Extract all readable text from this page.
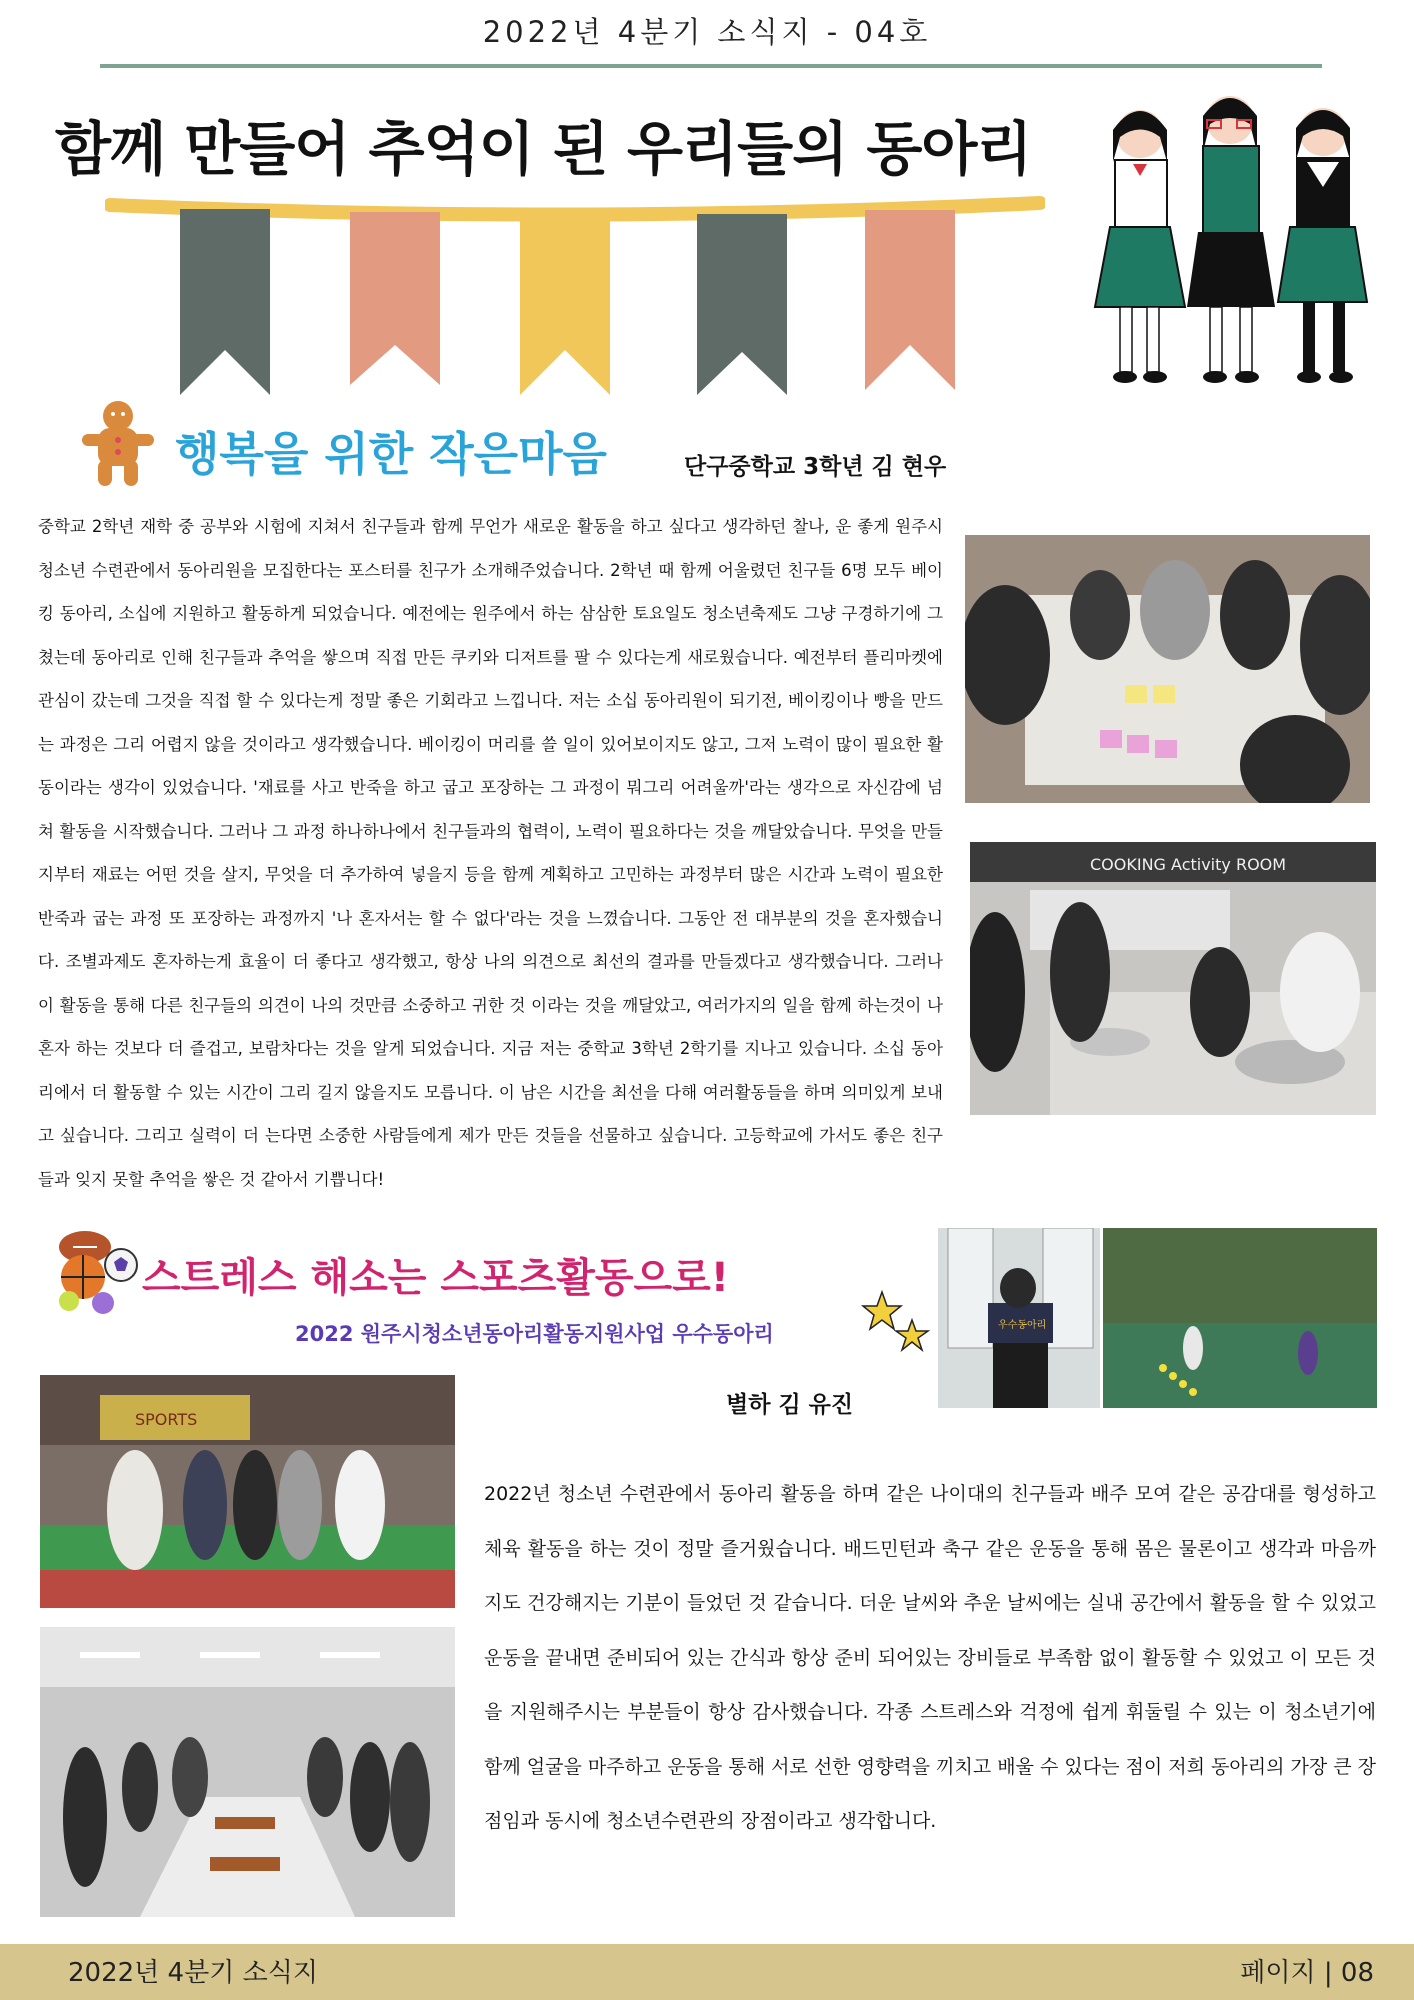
2022년 4분기 소식지 - 04호
함께 만들어 추억이 된 우리들의 동아리
행복을 위한 작은마음	단구중학교 3학년 김 현우
중학교 2학년 재학 중 공부와 시험에 지쳐서 친구들과 함께 무언가 새로운 활동을 하고 싶다고 생각하던 찰나, 운 좋게 원주시 청소년 수련관에서 동아리원을 모집한다는 포스터를 친구가 소개해주었습니다. 2학년 때 함께 어울렸던 친구들 6명 모두 베이킹 동아리, 소십에 지원하고 활동하게 되었습니다. 예전에는 원주에서 하는 삼삼한 토요일도 청소년축제도 그냥 구경하기에 그쳤는데 동아리로 인해 친구들과 추억을 쌓으며 직접 만든 쿠키와 디저트를 팔 수 있다는게 새로웠습니다. 예전부터 플리마켓에 관심이 갔는데 그것을 직접 할 수 있다는게 정말 좋은 기회라고 느낍니다. 저는 소십 동아리원이 되기전, 베이킹이나 빵을 만드는 과정은 그리 어렵지 않을 것이라고 생각했습니다. 베이킹이 머리를 쓸 일이 있어보이지도 않고, 그저 노력이 많이 필요한 활동이라는 생각이 있었습니다. '재료를 사고 반죽을 하고 굽고 포장하는 그 과정이 뭐그리 어려울까'라는 생각으로 자신감에 넘쳐 활동을 시작했습니다. 그러나 그 과정 하나하나에서 친구들과의 협력이, 노력이 필요하다는 것을 깨달았습니다. 무엇을 만들지부터 재료는 어떤 것을 살지, 무엇을 더 추가하여 넣을지 등을 함께 계획하고 고민하는 과정부터 많은 시간과 노력이 필요한 반죽과 굽는 과정 또 포장하는 과정까지 '나 혼자서는 할 수 없다'라는 것을 느꼈습니다. 그동안 전 대부분의 것을 혼자했습니다. 조별과제도 혼자하는게 효율이 더 좋다고 생각했고, 항상 나의 의견으로 최선의 결과를 만들겠다고 생각했습니다. 그러나 이 활동을 통해 다른 친구들의 의견이 나의 것만큼 소중하고 귀한 것 이라는 것을 깨달았고, 여러가지의 일을 함께 하는것이 나 혼자 하는 것보다 더 즐겁고, 보람차다는 것을 알게 되었습니다. 지금 저는 중학교 3학년 2학기를 지나고 있습니다. 소십 동아리에서 더 활동할 수 있는 시간이 그리 길지 않을지도 모릅니다. 이 남은 시간을 최선을 다해 여러활동들을 하며 의미있게 보내고 싶습니다. 그리고 실력이 더 는다면 소중한 사람들에게 제가 만든 것들을 선물하고 싶습니다. 고등학교에 가서도 좋은 친구들과 잊지 못할 추억을 쌓은 것 같아서 기쁩니다!
COOKING Activity ROOM
스트레스 해소는 스포츠활동으로!
2022 원주시청소년동아리활동지원사업 우수동아리
별하 김 유진
우수동아리
SPORTS
2022년 청소년 수련관에서 동아리 활동을 하며 같은 나이대의 친구들과 배주 모여 같은 공감대를 형성하고 체육 활동을 하는 것이 정말 즐거웠습니다. 배드민턴과 축구 같은 운동을 통해 몸은 물론이고 생각과 마음까지도 건강해지는 기분이 들었던 것 같습니다. 더운 날씨와 추운 날씨에는 실내 공간에서 활동을 할 수 있었고 운동을 끝내면 준비되어 있는 간식과 항상 준비 되어있는 장비들로 부족함 없이 활동할 수 있었고 이 모든 것을 지원해주시는 부분들이 항상 감사했습니다. 각종 스트레스와 걱정에 쉽게 휘둘릴 수 있는 이 청소년기에 함께 얼굴을 마주하고 운동을 통해 서로 선한 영향력을 끼치고 배울 수 있다는 점이 저희 동아리의 가장 큰 장점임과 동시에 청소년수련관의 장점이라고 생각합니다.
2022년 4분기 소식지	페이지 | 08
